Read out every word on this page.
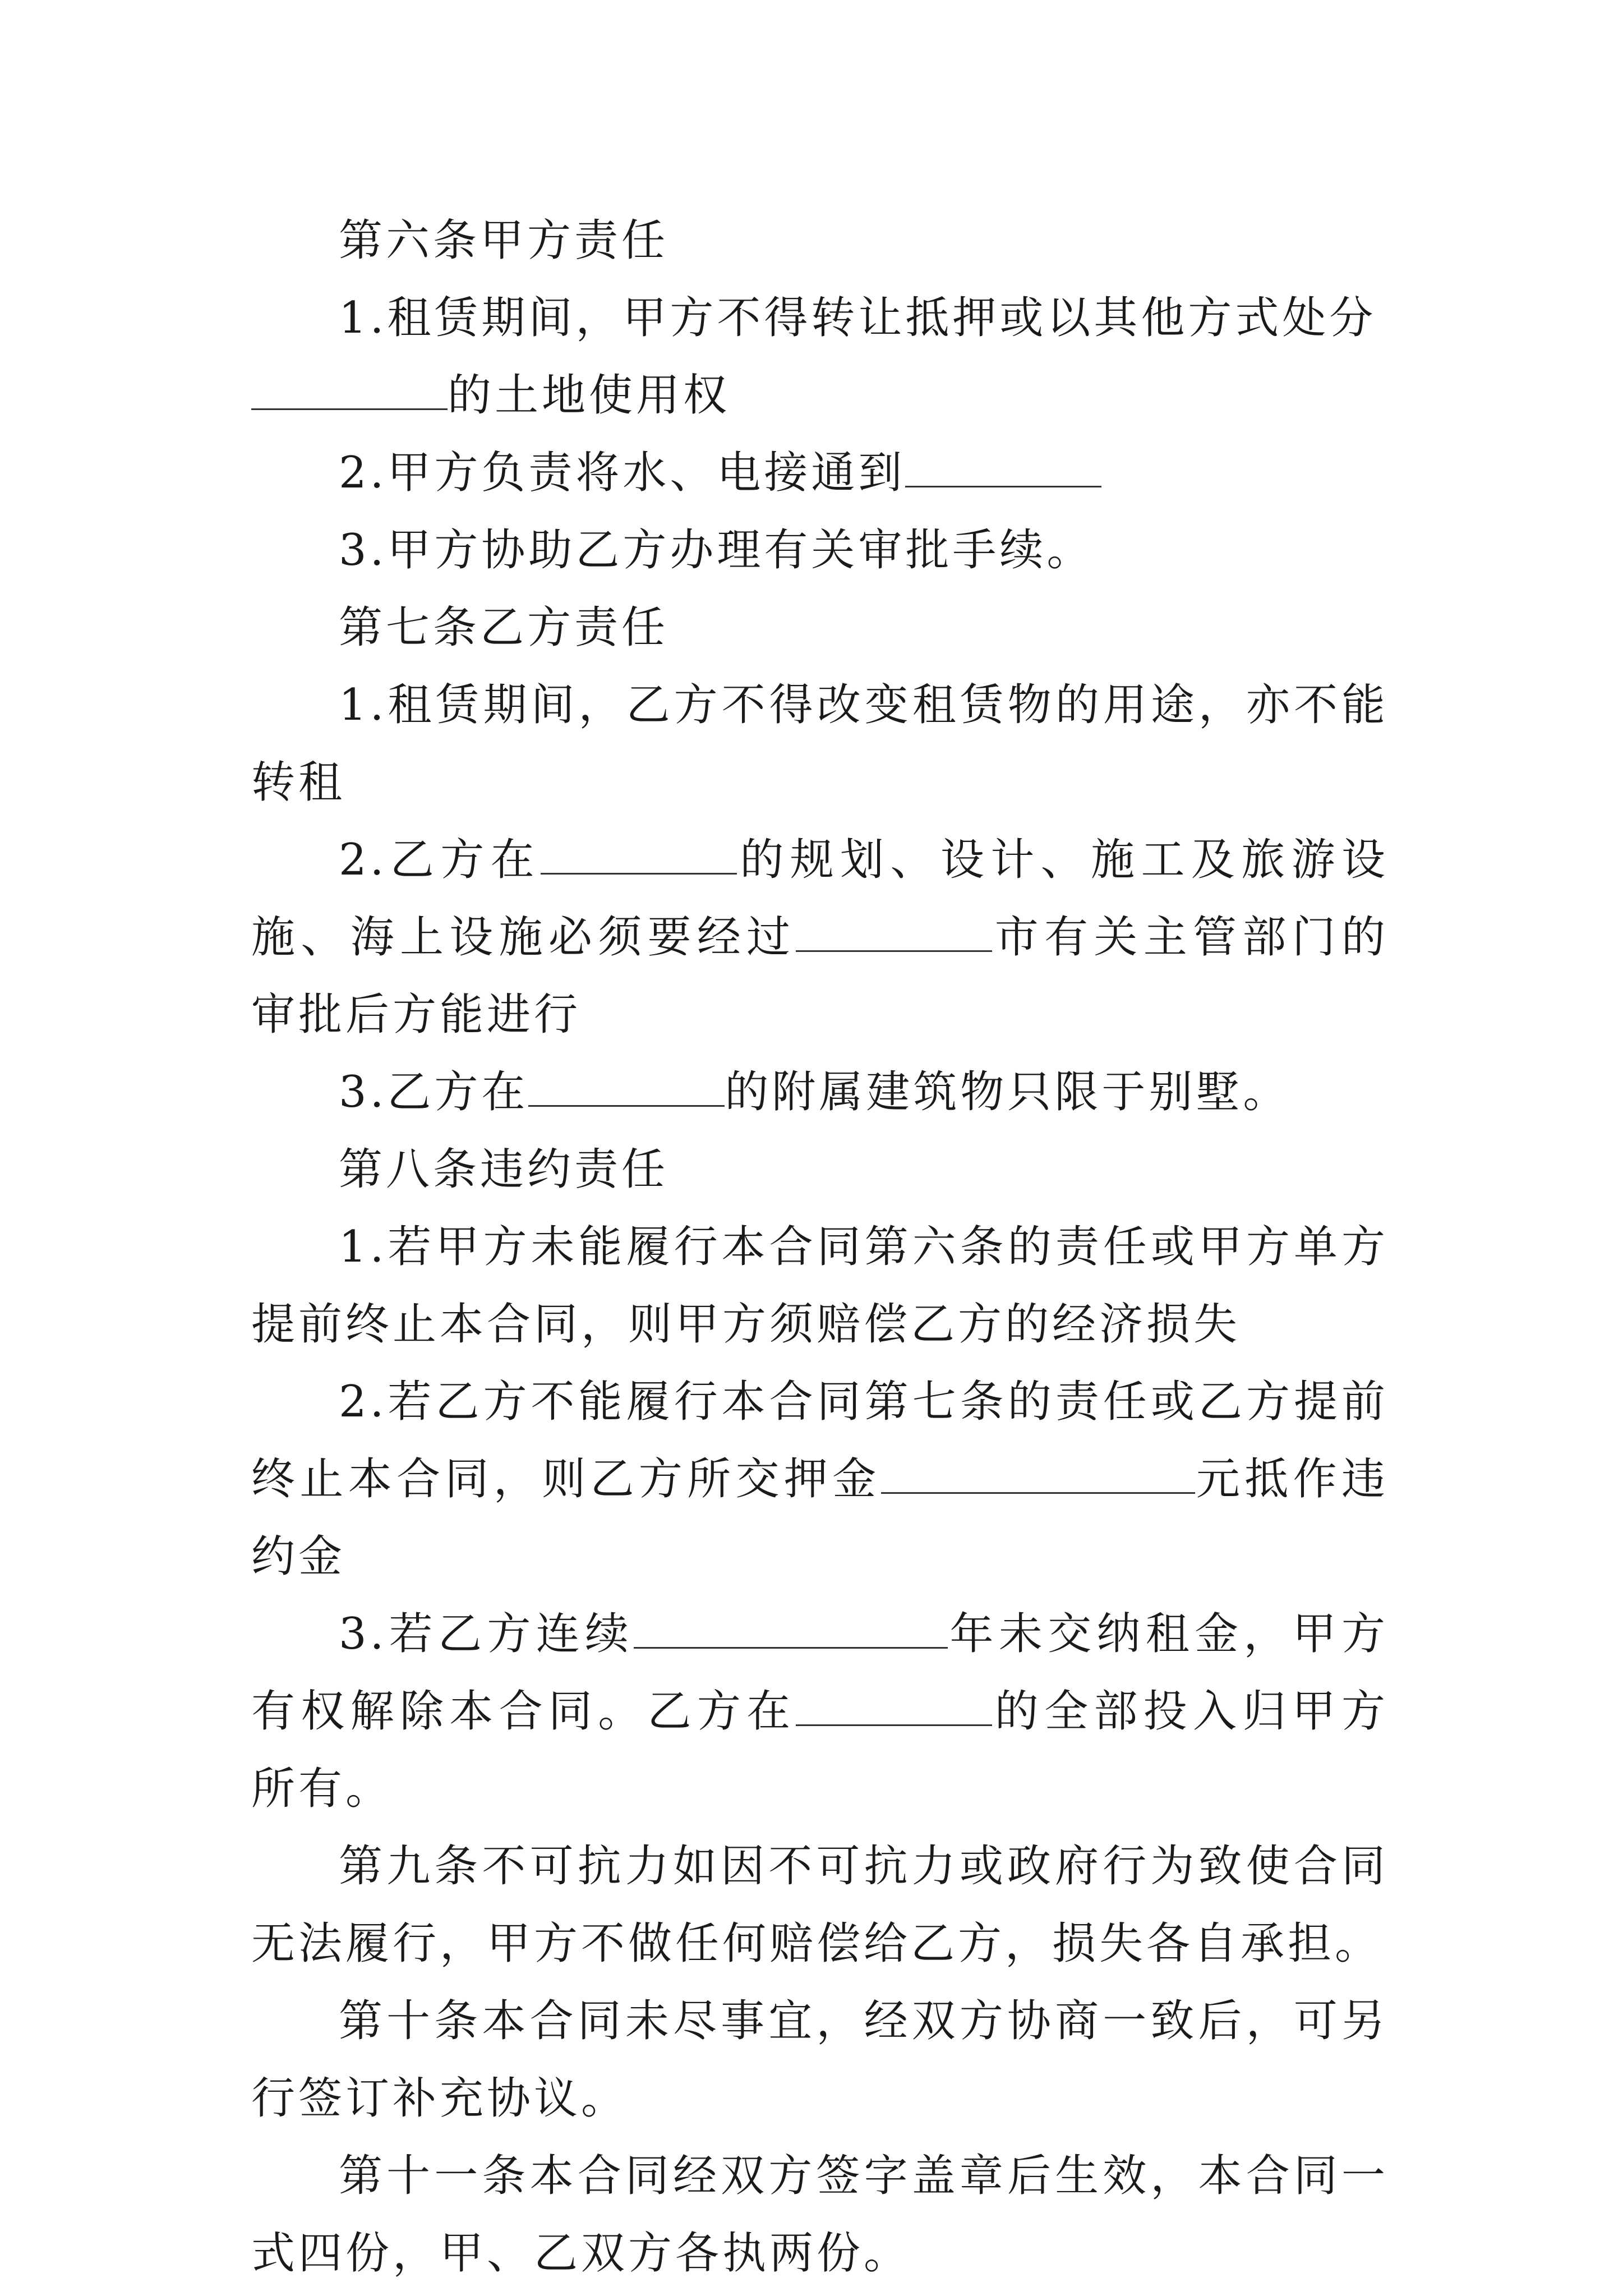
第六条甲方责任

1.租赁期间，甲方不得转让抵押或以其他方式处分
的土地使用权

2.甲方负责将水、电接通到

3.甲方协助乙方办理有关审批手续。

第七条乙方责任

1.租赁期间，乙方不得改变租赁物的用途，亦不能转租

2.乙方在	的规划、设计、施工及旅游设施、海上设施必须要经过	市有关主管部门的审批后方能进行

3.乙方在	的附属建筑物只限于别墅。

第八条违约责任

1.若甲方未能履行本合同第六条的责任或甲方单方提前终止本合同，则甲方须赔偿乙方的经济损失

2.若乙方不能履行本合同第七条的责任或乙方提前终止本合同，则乙方所交押金	元抵作违约金

3.若乙方连续	年未交纳租金，甲方有权解除本合同。乙方在	的全部投入归甲方所有。

第九条不可抗力如因不可抗力或政府行为致使合同无法履行，甲方不做任何赔偿给乙方，损失各自承担。

第十条本合同未尽事宜，经双方协商一致后，可另行签订补充协议。

第十一条本合同经双方签字盖章后生效，本合同一式四份，甲、乙双方各执两份。
